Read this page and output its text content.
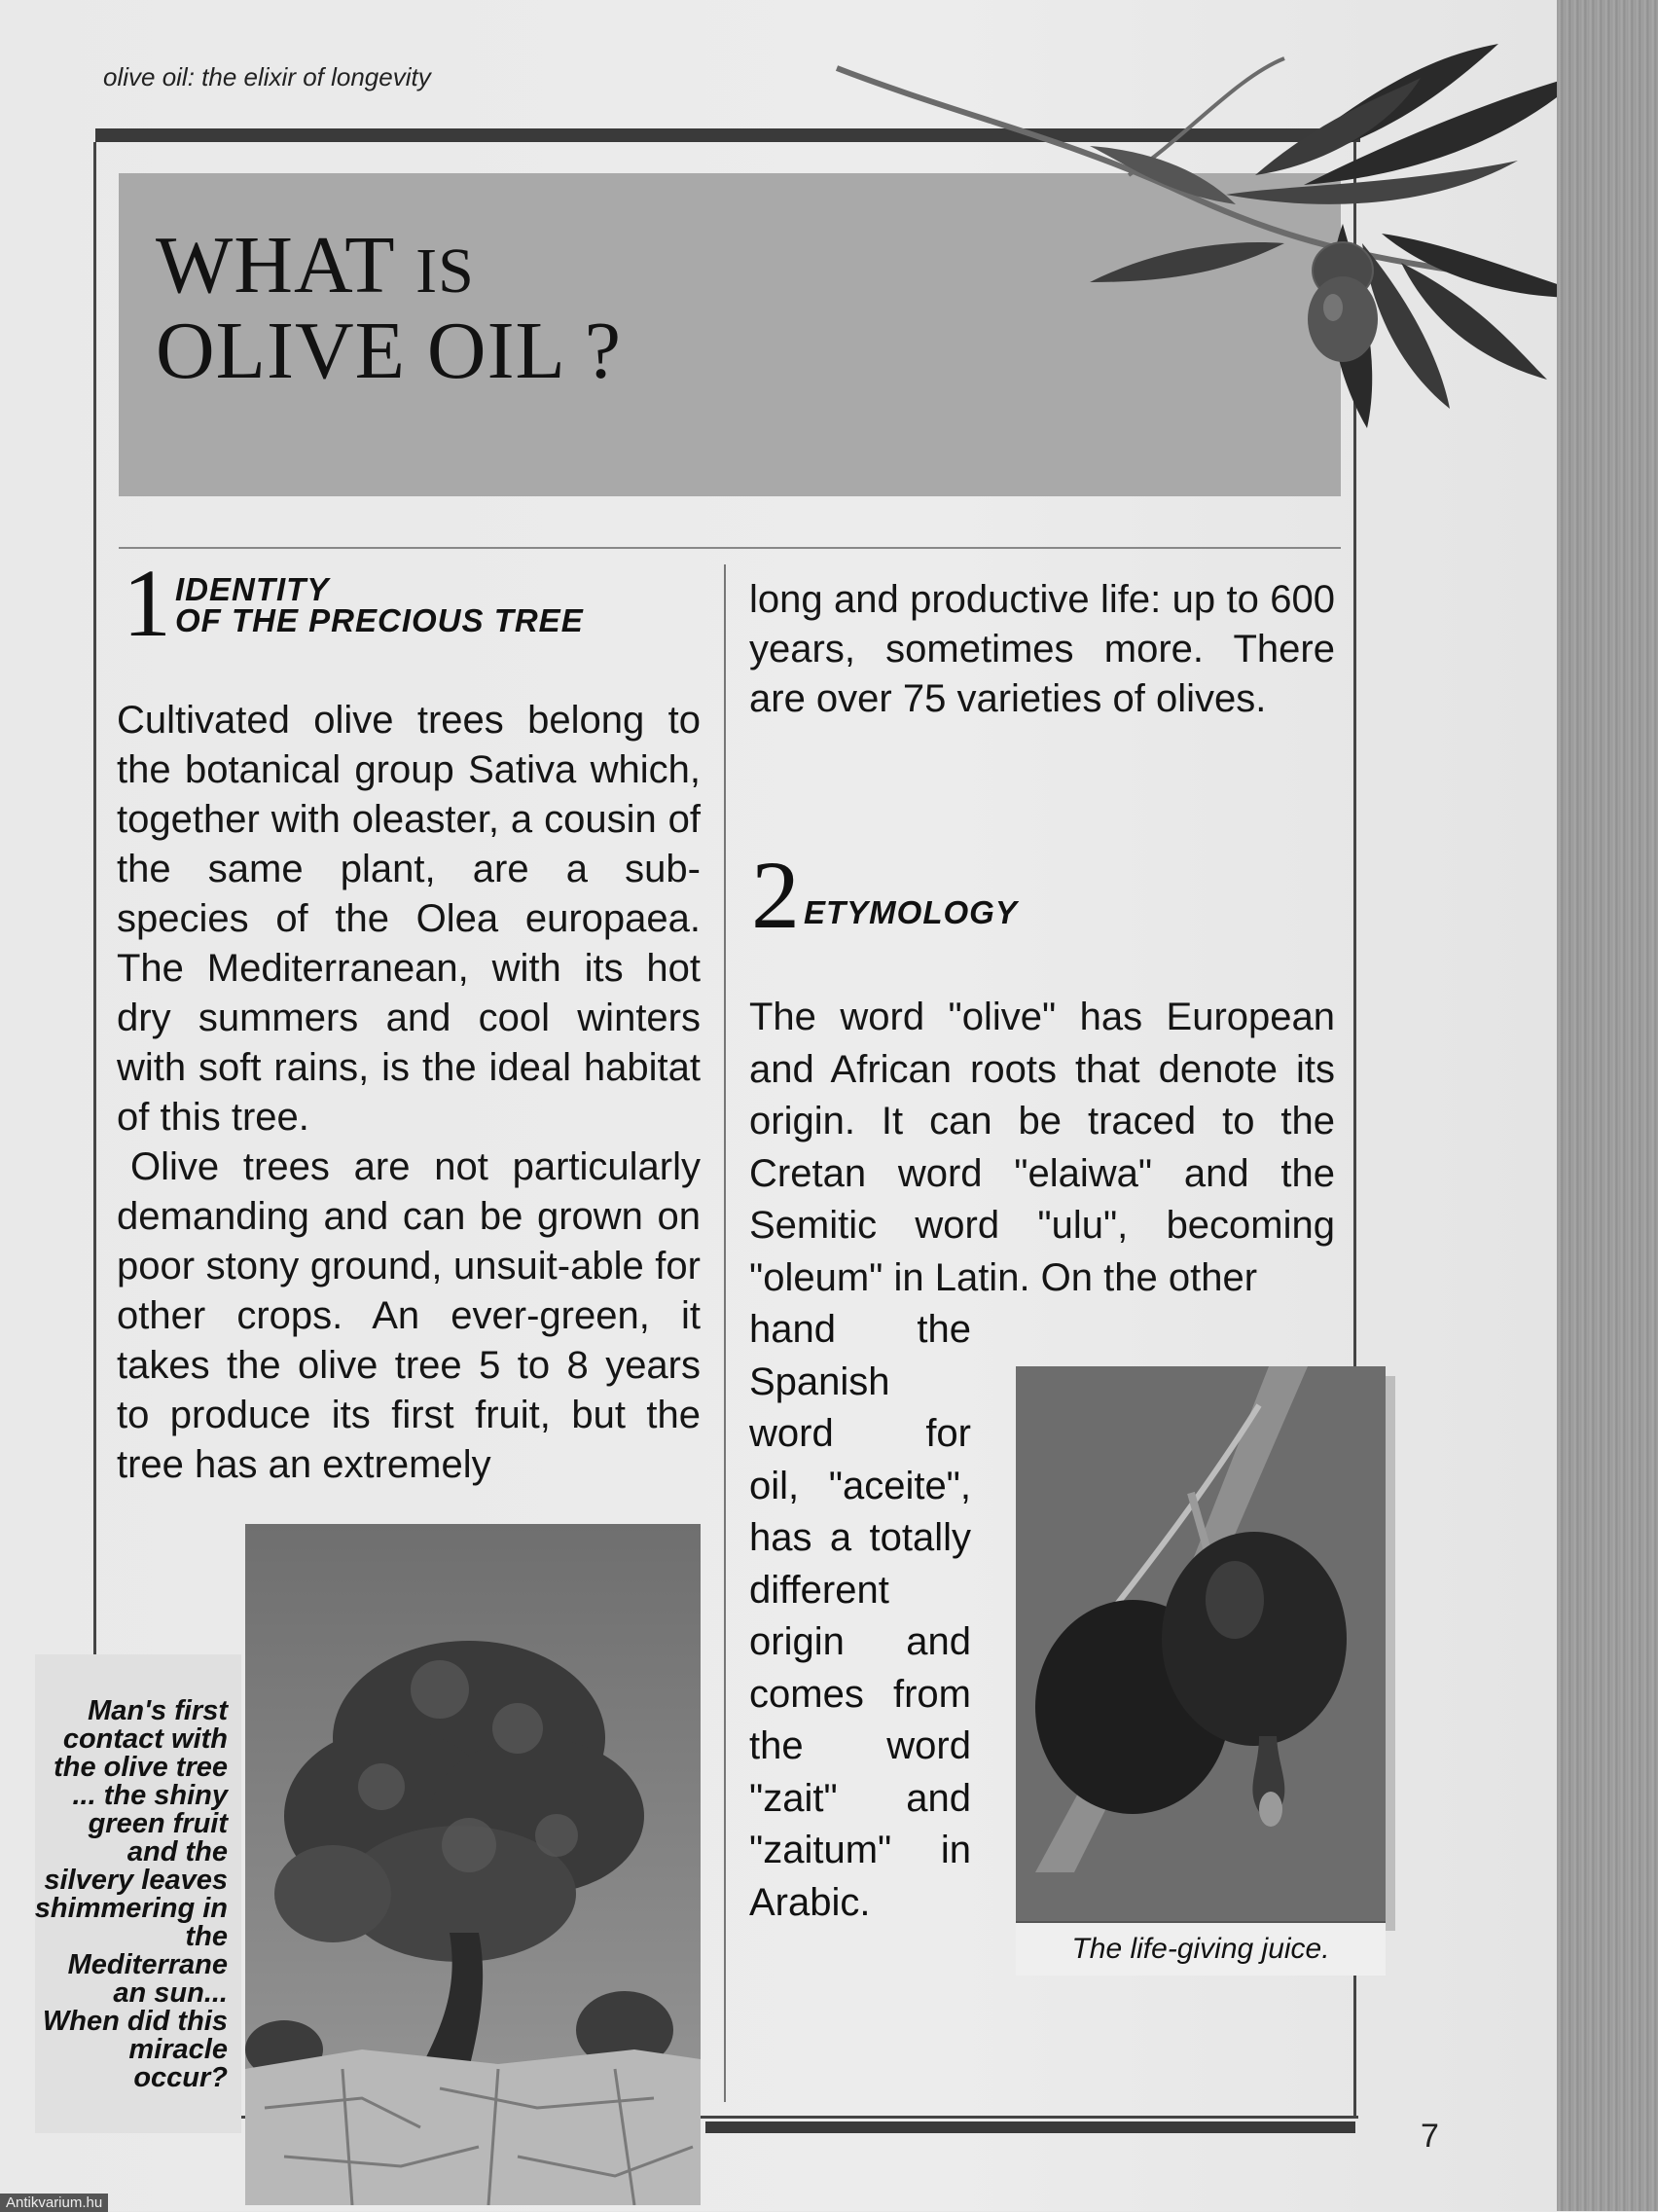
olive oil: the elixir of longevity
WHAT IS
OLIVE OIL ?
1 IDENTITY
OF THE PRECIOUS TREE

Cultivated olive trees belong to the botanical group Sativa which, together with oleaster, a cousin of the same plant, are a sub-species of the Olea europaea. The Mediterranean, with its hot dry summers and cool winters with soft rains, is the ideal habitat of this tree.

Olive trees are not particularly demanding and can be grown on poor stony ground, unsuit-able for other crops. An ever-green, it takes the olive tree 5 to 8 years to produce its first fruit, but the tree has an extremely

long and productive life: up to 600 years, sometimes more. There are over 75 varieties of olives.

2 ETYMOLOGY

The word "olive" has European and African roots that denote its origin. It can be traced to the Cretan word "elaiwa" and the Semitic word "ulu", becoming "oleum" in Latin. On the other

hand the
Spanish
word for
oil, "aceite",
has a totally
different
origin and
comes from
the word
"zait" and
"zaitum" in
Arabic.
Man's first contact with the olive tree ... the shiny green fruit and the silvery leaves shimmering in the Mediterrane an sun... When did this miracle occur?
The life-giving juice.
7
Antikvarium.hu
